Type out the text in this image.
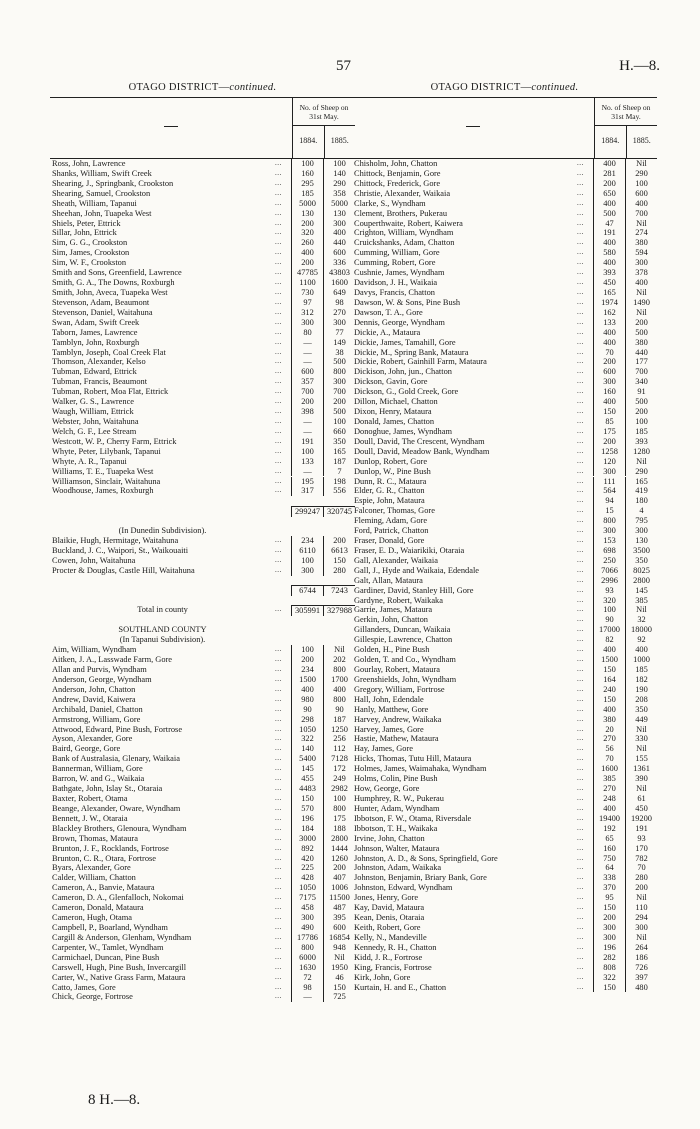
57	H.—8.
OTAGO DISTRICT—continued.
No. of Sheep on 31st May.
1884.	1885.
Ross, John, Lawrence	...	100	100
Shanks, William, Swift Creek	...	160	140
Shearing, J., Springbank, Crookston	...	295	290
Shearing, Samuel, Crookston	...	185	358
Sheath, William, Tapanui	...	5000	5000
Sheehan, John, Tuapeka West	...	130	130
Shiels, Peter, Ettrick	...	200	300
Sillar, John, Ettrick	...	320	400
Sim, G. G., Crookston	...	260	440
Sim, James, Crookston	...	400	600
Sim, W. F., Crookston	...	200	336
Smith and Sons, Greenfield, Lawrence	...	47785	43803
Smith, G. A., The Downs, Roxburgh	...	1100	1600
Smith, John, Aveca, Tuapeka West	...	730	649
Stevenson, Adam, Beaumont	...	97	98
Stevenson, Daniel, Waitahuna	...	312	270
Swan, Adam, Swift Creek	...	300	300
Taborn, James, Lawrence	...	80	77
Tamblyn, John, Roxburgh	...	—	149
Tamblyn, Joseph, Coal Creek Flat	...	—	38
Thomson, Alexander, Kelso	...	—	500
Tubman, Edward, Ettrick	...	600	800
Tubman, Francis, Beaumont	...	357	300
Tubman, Robert, Moa Flat, Ettrick	...	700	700
Walker, G. S., Lawrence	...	200	200
Waugh, William, Ettrick	...	398	500
Webster, John, Waitahuna	...	—	100
Welch, G. F., Lee Stream	...	—	660
Westcott, W. P., Cherry Farm, Ettrick	...	191	350
Whyte, Peter, Lilybank, Tapanui	...	100	165
Whyte, A. R., Tapanui	...	133	187
Williams, T. E., Tuapeka West	...	—	7
Williamson, Sinclair, Waitahuna	...	195	198
Woodhouse, James, Roxburgh	...	317	556
299247 320745
(In Dunedin Subdivision).
Blaikie, Hugh, Hermitage, Waitahuna	...	234	200
Buckland, J. C., Waipori, St., Waikouaiti	...	6110	6613
Cowen, John, Waitahuna	...	100	150
Procter & Douglas, Castle Hill, Waitahuna	...	300	280
6744	7243
Total in county	...	305991 327988
SOUTHLAND COUNTY
(In Tapanui Subdivision).
Aim, William, Wyndham	...	100	Nil
Aitken, J. A., Lasswade Farm, Gore	...	200	202
Allan and Purvis, Wyndham	...	234	800
Anderson, George, Wyndham	...	1500	1700
Anderson, John, Chatton	...	400	400
Andrew, David, Kaiwera	...	980	800
Archibald, Daniel, Chatton	...	90	90
Armstrong, William, Gore	...	298	187
Attwood, Edward, Pine Bush, Fortrose	...	1050	1250
Ayson, Alexander, Gore	...	322	256
Baird, George, Gore	...	140	112
Bank of Australasia, Glenary, Waikaia	...	5400	7128
Bannerman, William, Gore	...	145	172
Barron, W. and G., Waikaia	...	455	249
Bathgate, John, Islay St., Otaraia	...	4483	2982
Baxter, Robert, Otama	...	150	100
Beange, Alexander, Oware, Wyndham	...	570	800
Bennett, J. W., Otaraia	...	196	175
Blackley Brothers, Glenoura, Wyndham	...	184	188
Brown, Thomas, Mataura	...	3000	2800
Brunton, J. F., Rocklands, Fortrose	...	892	1444
Brunton, C. R., Otara, Fortrose	...	420	1260
Byars, Alexander, Gore	...	225	200
Calder, William, Chatton	...	428	407
Cameron, A., Banvie, Mataura	...	1050	1006
Cameron, D. A., Glenfalloch, Nokomai	...	7175	11500
Cameron, Donald, Mataura	...	458	487
Cameron, Hugh, Otama	...	300	395
Campbell, P., Boarland, Wyndham	...	490	600
Cargill & Anderson, Glenham, Wyndham	...	17786	16854
Carpenter, W., Tamlet, Wyndham	...	800	948
Carmichael, Duncan, Pine Bush	...	6000	Nil
Carswell, Hugh, Pine Bush, Invercargill	...	1630	1950
Carter, W., Native Grass Farm, Mataura	...	72	46
Catto, James, Gore	...	98	150
Chick, George, Fortrose	...	—	725
OTAGO DISTRICT—continued.
No. of Sheep on 31st May.
1884.	1885.
Chisholm, John, Chatton	...	400	Nil
Chittock, Benjamin, Gore	...	281	290
Chittock, Frederick, Gore	...	200	100
Christie, Alexander, Waikaia	...	650	600
Clarke, S., Wyndham	...	400	400
Clement, Brothers, Pukerau	...	500	700
Couperthwaite, Robert, Kaiwera	...	47	Nil
Crighton, William, Wyndham	...	191	274
Cruickshanks, Adam, Chatton	...	400	380
Cumming, William, Gore	...	580	594
Cumming, Robert, Gore	...	400	300
Cushnie, James, Wyndham	...	393	378
Davidson, J. H., Waikaia	...	450	400
Davys, Francis, Chatton	...	165	Nil
Dawson, W. & Sons, Pine Bush	...	1974	1490
Dawson, T. A., Gore	...	162	Nil
Dennis, George, Wyndham	...	133	200
Dickie, A., Mataura	...	400	500
Dickie, James, Tamahill, Gore	...	400	380
Dickie, M., Spring Bank, Mataura	...	70	440
Dickie, Robert, Gainhill Farm, Mataura	...	200	177
Dickison, John, jun., Chatton	...	600	700
Dickson, Gavin, Gore	...	300	340
Dickson, G., Gold Creek, Gore	...	160	91
Dillon, Michael, Chatton	...	400	500
Dixon, Henry, Mataura	...	150	200
Donald, James, Chatton	...	85	100
Donoghue, James, Wyndham	...	175	185
Doull, David, The Crescent, Wyndham	...	200	393
Doull, David, Meadow Bank, Wyndham	...	1258	1280
Dunlop, Robert, Gore	...	120	Nil
Dunlop, W., Pine Bush	...	300	290
Dunn, R. C., Mataura	...	111	165
Elder, G. R., Chatton	...	564	419
Espie, John, Mataura	...	94	180
Falconer, Thomas, Gore	...	15	4
Fleming, Adam, Gore	...	800	795
Ford, Patrick, Chatton	...	300	300
Fraser, Donald, Gore	...	153	130
Fraser, E. D., Waiarikiki, Otaraia	...	698	3500
Gall, Alexander, Waikaia	...	250	350
Gall, J., Hyde and Waikaia, Edendale	...	7066	8025
Galt, Allan, Mataura	...	2996	2800
Gardiner, David, Stanley Hill, Gore	...	93	145
Gardyne, Robert, Waikaka	...	320	385
Garrie, James, Mataura	...	100	Nil
Gerkin, John, Chatton	...	90	32
Gillanders, Duncan, Waikaia	...	17000	18000
Gillespie, Lawrence, Chatton	...	82	92
Golden, H., Pine Bush	...	400	400
Golden, T. and Co., Wyndham	...	1500	1000
Gourlay, Robert, Mataura	...	150	185
Greenshields, John, Wyndham	...	164	182
Gregory, William, Fortrose	...	240	190
Hall, John, Edendale	...	150	208
Hanly, Matthew, Gore	...	400	350
Harvey, Andrew, Waikaka	...	380	449
Harvey, James, Gore	...	20	Nil
Hastie, Mathew, Mataura	...	270	330
Hay, James, Gore	...	56	Nil
Hicks, Thomas, Tutu Hill, Mataura	...	70	155
Holmes, James, Waimahaka, Wyndham	...	1600	1361
Holms, Colin, Pine Bush	...	385	390
How, George, Gore	...	270	Nil
Humphrey, R. W., Pukerau	...	248	61
Hunter, Adam, Wyndham	...	400	450
Ibbotson, F. W., Otama, Riversdale	...	19400	19200
Ibbotson, T. H., Waikaka	...	192	191
Irvine, John, Chatton	...	65	93
Johnson, Walter, Mataura	...	160	170
Johnston, A. D., & Sons, Springfield, Gore	...	750	782
Johnston, Adam, Waikaka	...	64	70
Johnston, Benjamin, Briary Bank, Gore	...	338	280
Johnston, Edward, Wyndham	...	370	200
Jones, Henry, Gore	...	95	Nil
Kay, David, Mataura	...	150	110
Kean, Denis, Otaraia	...	200	294
Keith, Robert, Gore	...	300	300
Kelly, N., Mandeville	...	300	Nil
Kennedy, R. H., Chatton	...	196	264
Kidd, J. R., Fortrose	...	282	186
King, Francis, Fortrose	...	808	726
Kirk, John, Gore	...	322	397
Kurtain, H. and E., Chatton	...	150	480
8 H.—8.
